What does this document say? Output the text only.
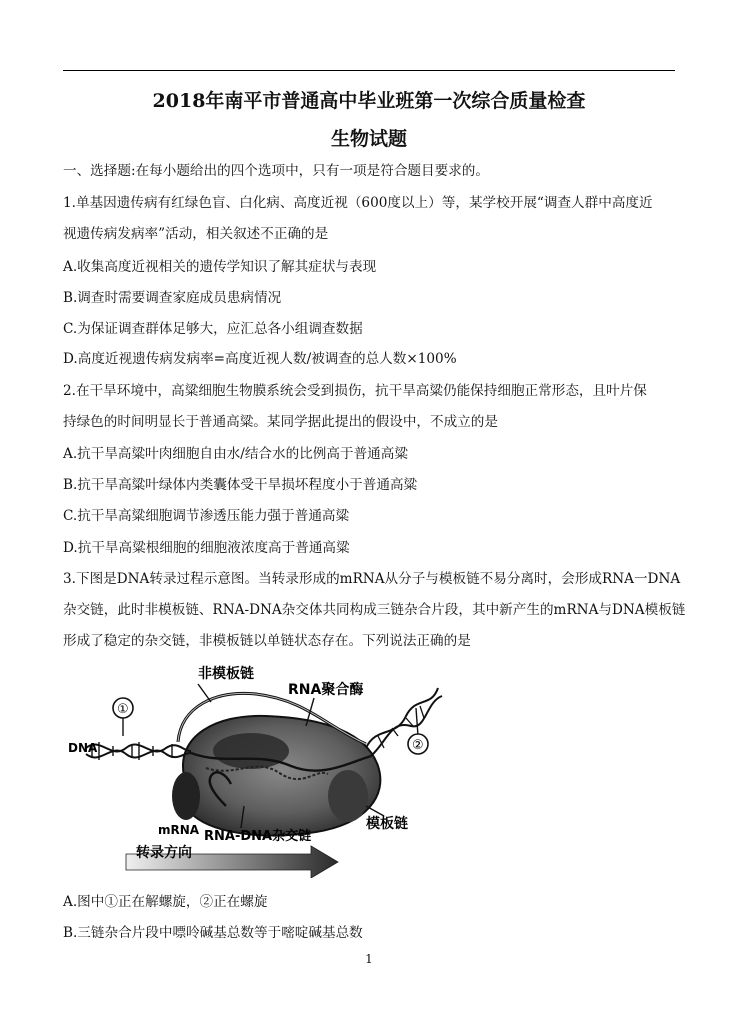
2018年南平市普通高中毕业班第一次综合质量检查
生物试题
一、选择题:在每小题给出的四个选项中，只有一项是符合题目要求的。
1.单基因遗传病有红绿色盲、白化病、高度近视（600度以上）等，某学校开展“调查人群中高度近
视遗传病发病率”活动，相关叙述不正确的是
A.收集高度近视相关的遗传学知识了解其症状与表现
B.调查时需要调查家庭成员患病情况
C.为保证调查群体足够大，应汇总各小组调查数据
D.高度近视遗传病发病率=高度近视人数/被调查的总人数×100%
2.在干旱环境中，高粱细胞生物膜系统会受到损伤，抗干旱高粱仍能保持细胞正常形态，且叶片保
持绿色的时间明显长于普通高粱。某同学据此提出的假设中，不成立的是
A.抗干旱高粱叶肉细胞自由水/结合水的比例高于普通高粱
B.抗干旱高粱叶绿体内类囊体受干旱损坏程度小于普通高粱
C.抗干旱高粱细胞调节渗透压能力强于普通高粱
D.抗干旱高粱根细胞的细胞液浓度高于普通高粱
3.下图是DNA转录过程示意图。当转录形成的mRNA从分子与模板链不易分离时，会形成RNA一DNA
杂交链，此时非模板链、RNA-DNA杂交体共同构成三链杂合片段，其中新产生的mRNA与DNA模板链
形成了稳定的杂交链，非模板链以单链状态存在。下列说法正确的是
非模板链
RNA聚合酶
DNA
①
②
mRNA RNA-DNA杂交链
模板链
转录方向
A.图中①正在解螺旋，②正在螺旋
B.三链杂合片段中嘌呤碱基总数等于嘧啶碱基总数
1
